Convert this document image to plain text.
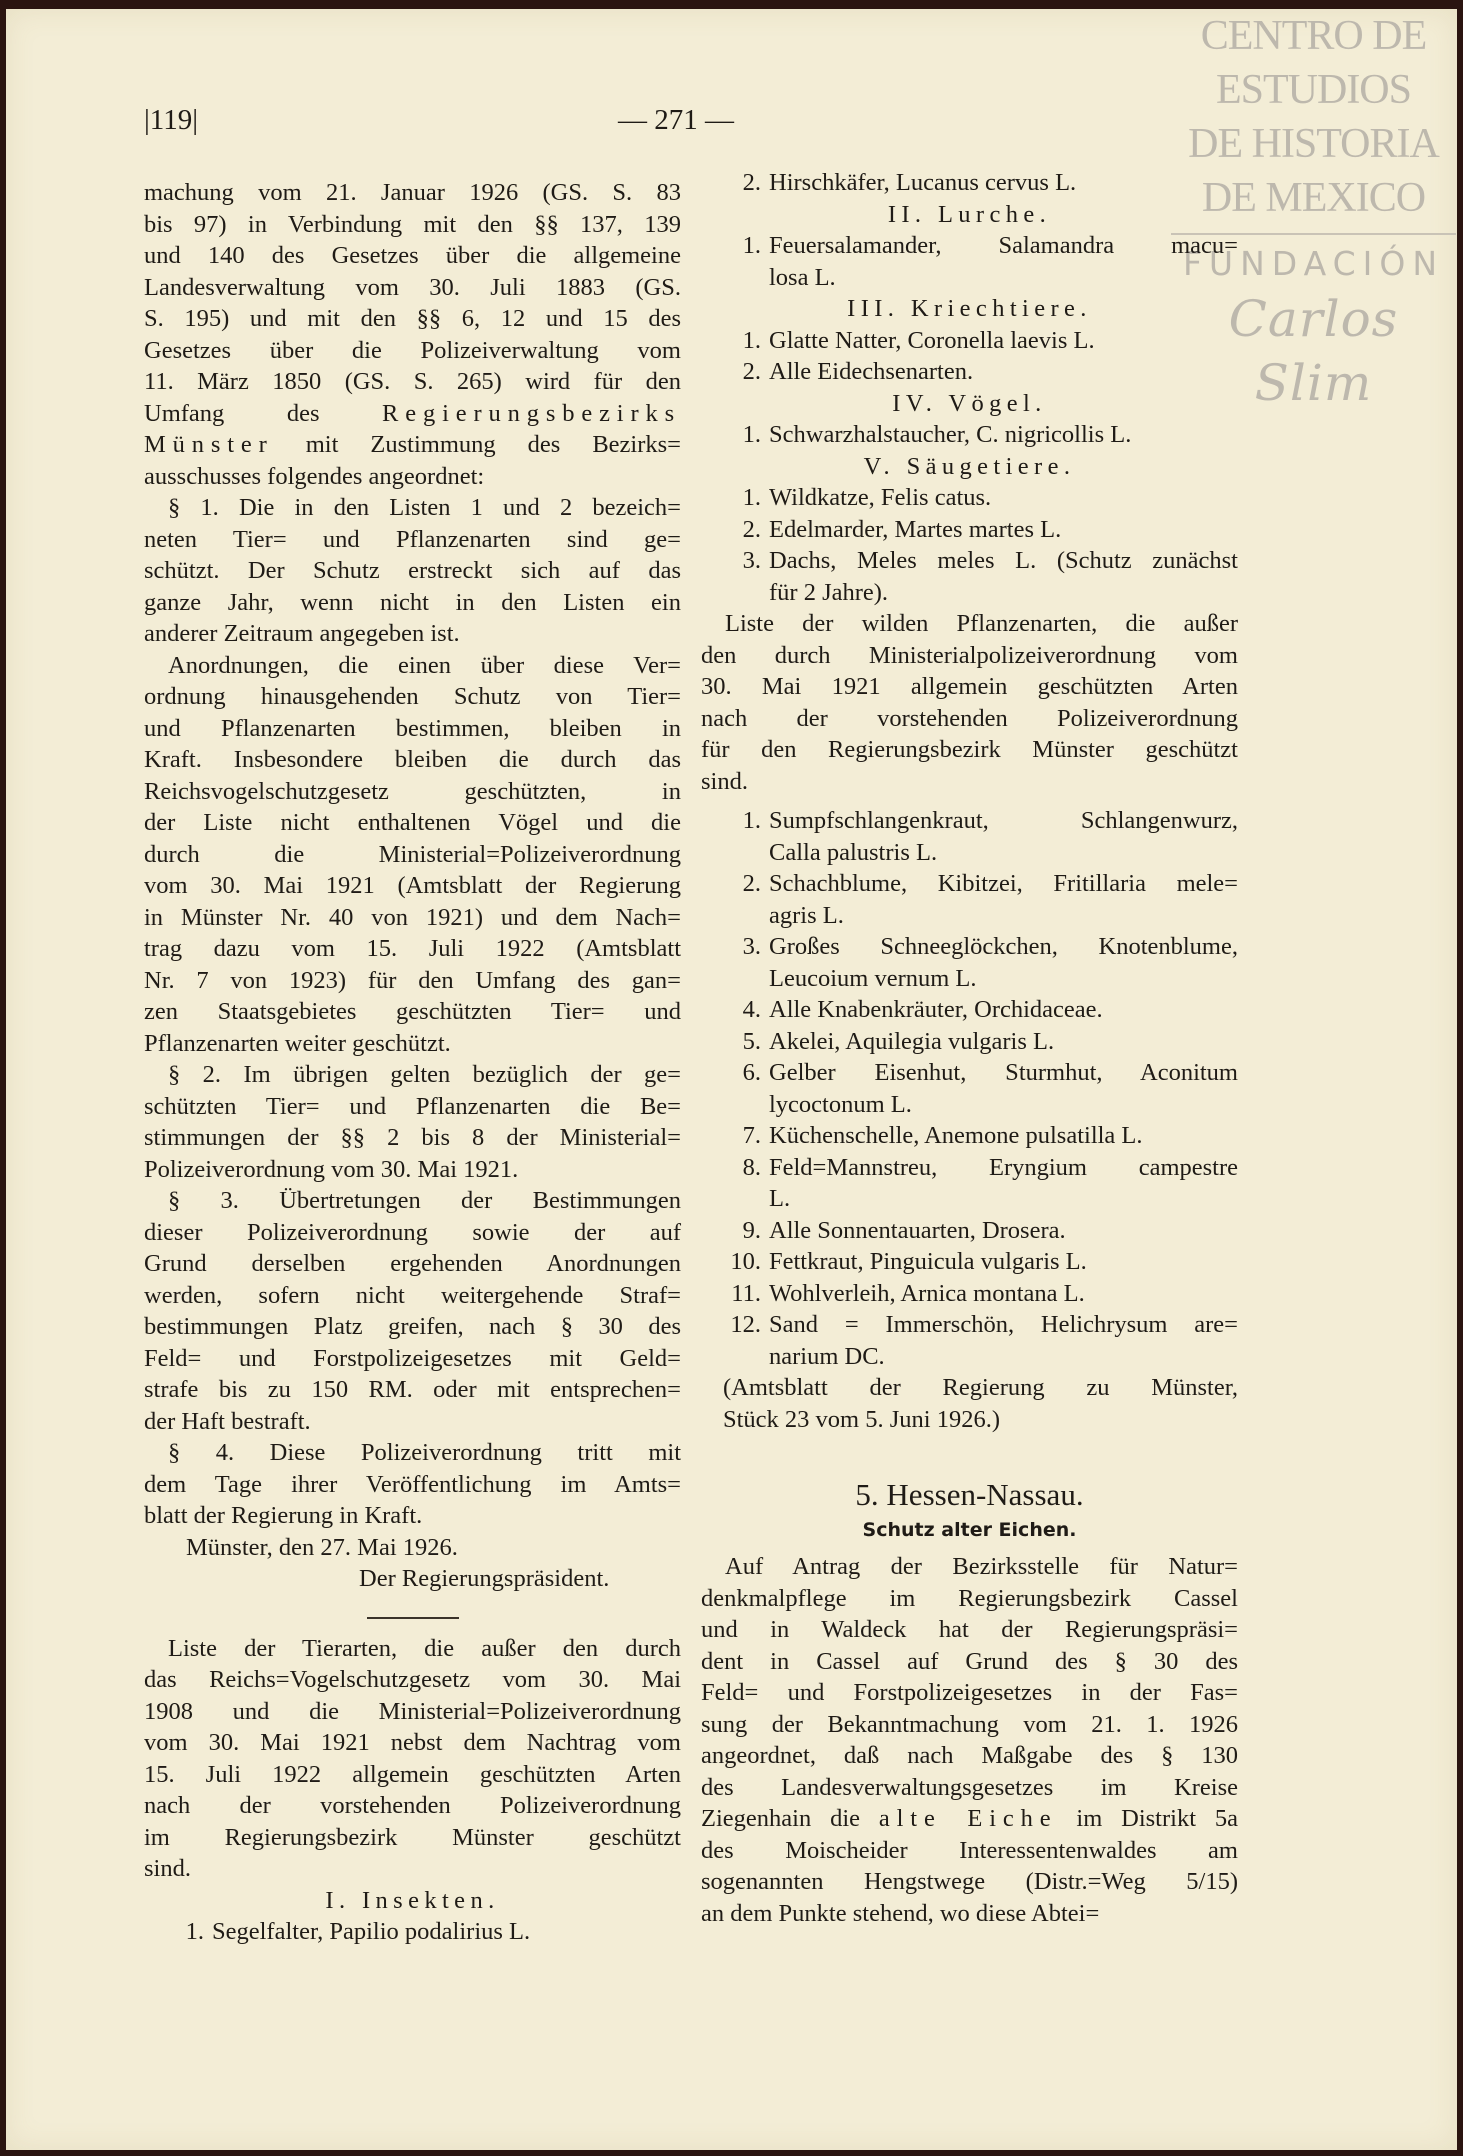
CENTRO DE
ESTUDIOS
DE HISTORIA
DE MEXICO
FUNDACIÓN
Carlos Slim
|119|	— 271 —
machung vom 21. Januar 1926 (GS. S. 83
bis 97) in Verbindung mit den §§ 137, 139
und 140 des Gesetzes über die allgemeine
Landesverwaltung vom 30. Juli 1883 (GS.
S. 195) und mit den §§ 6, 12 und 15 des
Gesetzes über die Polizeiverwaltung vom
11. März 1850 (GS. S. 265) wird für den
Umfang des Regierungsbezirks
Münster mit Zustimmung des Bezirks=
ausschusses folgendes angeordnet:
§ 1. Die in den Listen 1 und 2 bezeich=
neten Tier= und Pflanzenarten sind ge=
schützt. Der Schutz erstreckt sich auf das
ganze Jahr, wenn nicht in den Listen ein
anderer Zeitraum angegeben ist.
Anordnungen, die einen über diese Ver=
ordnung hinausgehenden Schutz von Tier=
und Pflanzenarten bestimmen, bleiben in
Kraft. Insbesondere bleiben die durch das
Reichsvogelschutzgesetz geschützten, in
der Liste nicht enthaltenen Vögel und die
durch die Ministerial=Polizeiverordnung
vom 30. Mai 1921 (Amtsblatt der Regierung
in Münster Nr. 40 von 1921) und dem Nach=
trag dazu vom 15. Juli 1922 (Amtsblatt
Nr. 7 von 1923) für den Umfang des gan=
zen Staatsgebietes geschützten Tier= und
Pflanzenarten weiter geschützt.
§ 2. Im übrigen gelten bezüglich der ge=
schützten Tier= und Pflanzenarten die Be=
stimmungen der §§ 2 bis 8 der Ministerial=
Polizeiverordnung vom 30. Mai 1921.
§ 3. Übertretungen der Bestimmungen
dieser Polizeiverordnung sowie der auf
Grund derselben ergehenden Anordnungen
werden, sofern nicht weitergehende Straf=
bestimmungen Platz greifen, nach § 30 des
Feld= und Forstpolizeigesetzes mit Geld=
strafe bis zu 150 RM. oder mit entsprechen=
der Haft bestraft.
§ 4. Diese Polizeiverordnung tritt mit
dem Tage ihrer Veröffentlichung im Amts=
blatt der Regierung in Kraft.
Münster, den 27. Mai 1926.
Der Regierungspräsident.
Liste der Tierarten, die außer den durch
das Reichs=Vogelschutzgesetz vom 30. Mai
1908 und die Ministerial=Polizeiverordnung
vom 30. Mai 1921 nebst dem Nachtrag vom
15. Juli 1922 allgemein geschützten Arten
nach der vorstehenden Polizeiverordnung
im Regierungsbezirk Münster geschützt
sind.
I. Insekten.
1. Segelfalter, Papilio podalirius L.
2. Hirschkäfer, Lucanus cervus L.
II. Lurche.
1. Feuersalamander, Salamandra macu=
losa L.
III. Kriechtiere.
1. Glatte Natter, Coronella laevis L.
2. Alle Eidechsenarten.
IV. Vögel.
1. Schwarzhalstaucher, C. nigricollis L.
V. Säugetiere.
1. Wildkatze, Felis catus.
2. Edelmarder, Martes martes L.
3. Dachs, Meles meles L. (Schutz zunächst
für 2 Jahre).
Liste der wilden Pflanzenarten, die außer
den durch Ministerialpolizeiverordnung vom
30. Mai 1921 allgemein geschützten Arten
nach der vorstehenden Polizeiverordnung
für den Regierungsbezirk Münster geschützt
sind.
1. Sumpfschlangenkraut, Schlangenwurz,
Calla palustris L.
2. Schachblume, Kibitzei, Fritillaria mele=
agris L.
3. Großes Schneeglöckchen, Knotenblume,
Leucoium vernum L.
4. Alle Knabenkräuter, Orchidaceae.
5. Akelei, Aquilegia vulgaris L.
6. Gelber Eisenhut, Sturmhut, Aconitum
lycoctonum L.
7. Küchenschelle, Anemone pulsatilla L.
8. Feld=Mannstreu, Eryngium campestre
L.
9. Alle Sonnentauarten, Drosera.
10. Fettkraut, Pinguicula vulgaris L.
11. Wohlverleih, Arnica montana L.
12. Sand = Immerschön, Helichrysum are=
narium DC.
(Amtsblatt der Regierung zu Münster,
Stück 23 vom 5. Juni 1926.)
5. Hessen-Nassau.
Schutz alter Eichen.
Auf Antrag der Bezirksstelle für Natur=
denkmalpflege im Regierungsbezirk Cassel
und in Waldeck hat der Regierungspräsi=
dent in Cassel auf Grund des § 30 des
Feld= und Forstpolizeigesetzes in der Fas=
sung der Bekanntmachung vom 21. 1. 1926
angeordnet, daß nach Maßgabe des § 130
des Landesverwaltungsgesetzes im Kreise
Ziegenhain die alte Eiche im Distrikt 5a
des Moischeider Interessentenwaldes am
sogenannten Hengstwege (Distr.=Weg 5/15)
an dem Punkte stehend, wo diese Abtei=
